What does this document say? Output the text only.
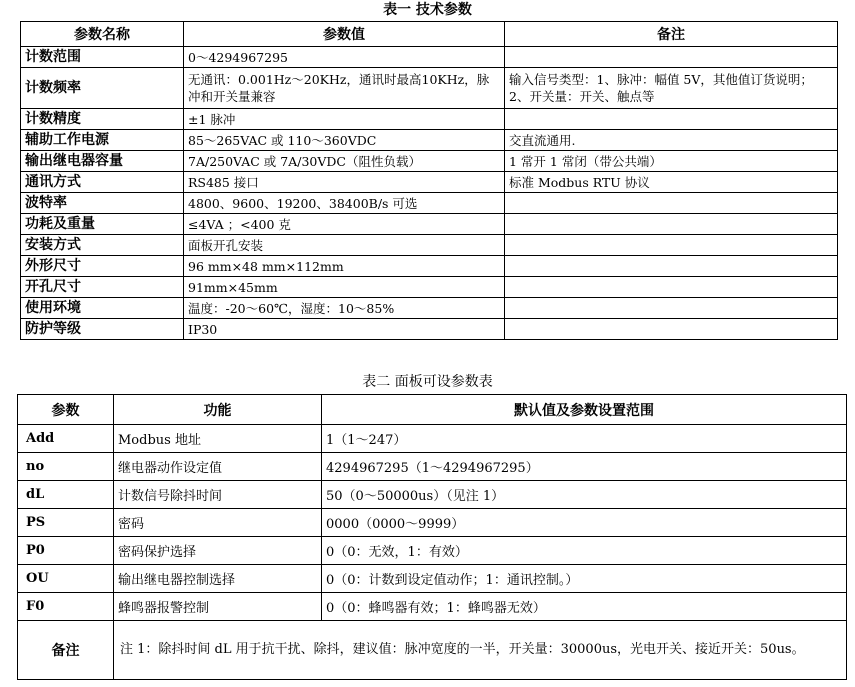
表一 技术参数
参数名称	参数值	备注
计数范围	0～4294967295	
计数频率	无通讯：0.001Hz～20KHz，通讯时最高10KHz，脉冲和开关量兼容	输入信号类型：1、脉冲：幅值 5V，其他值订货说明；2、开关量：开关、触点等
计数精度	±1 脉冲	
辅助工作电源	85～265VAC 或 110～360VDC	交直流通用.
输出继电器容量	7A/250VAC 或 7A/30VDC（阻性负载）	1 常开 1 常闭（带公共端）
通讯方式	RS485 接口	标准 Modbus RTU 协议
波特率	4800、9600、19200、38400B/s 可选	
功耗及重量	≤4VA ；<400 克	
安装方式	面板开孔安装	
外形尺寸	96 mm×48 mm×112mm	
开孔尺寸	91mm×45mm	
使用环境	温度：-20～60℃，湿度：10～85%	
防护等级	IP30	
表二 面板可设参数表
参数	功能	默认值及参数设置范围
Add	Modbus 地址	1（1～247）
no	继电器动作设定值	4294967295（1～4294967295）
dL	计数信号除抖时间	50（0～50000us）（见注 1）
PS	密码	0000（0000～9999）
P0	密码保护选择	0（0：无效，1：有效）
OU	输出继电器控制选择	0（0：计数到设定值动作；1：通讯控制。）
F0	蜂鸣器报警控制	0（0：蜂鸣器有效；1：蜂鸣器无效）
备注	注 1：除抖时间 dL 用于抗干扰、除抖，建议值：脉冲宽度的一半，开关量：30000us，光电开关、接近开关：50us。	
